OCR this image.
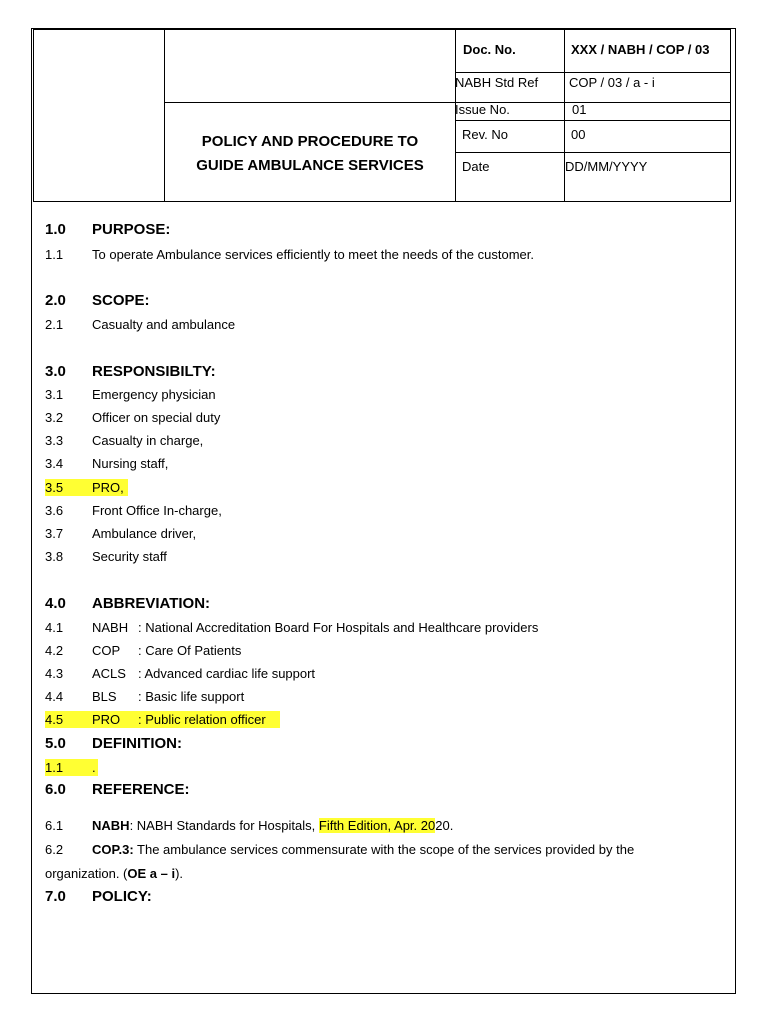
POLICY AND PROCEDURE TO
GUIDE AMBULANCE SERVICES
Doc. No.	XXX / NABH / COP / 03
NABH Std Ref COP / 03 / a - i
Issue No.	01
Rev. No	00
Date	DD/MM/YYYY
1.0 PURPOSE:
1.1 To operate Ambulance services efficiently to meet the needs of the customer.
2.0 SCOPE:
2.1 Casualty and ambulance
3.0 RESPONSIBILTY:
3.1 Emergency physician
3.2 Officer on special duty
3.3 Casualty in charge,
3.4 Nursing staff,
3.5 PRO,
3.6 Front Office In-charge,
3.7 Ambulance driver,
3.8 Security staff
4.0 ABBREVIATION:
4.1 NABH : National Accreditation Board For Hospitals and Healthcare providers
4.2 COP : Care Of Patients
4.3 ACLS : Advanced cardiac life support
4.4 BLS : Basic life support
4.5 PRO : Public relation officer
5.0 DEFINITION:
1.1 .
6.0 REFERENCE:
6.1 NABH: NABH Standards for Hospitals, Fifth Edition, Apr. 2020.
6.2 COP.3: The ambulance services commensurate with the scope of the services provided by the
organization. (OE a – i).
7.0 POLICY:
